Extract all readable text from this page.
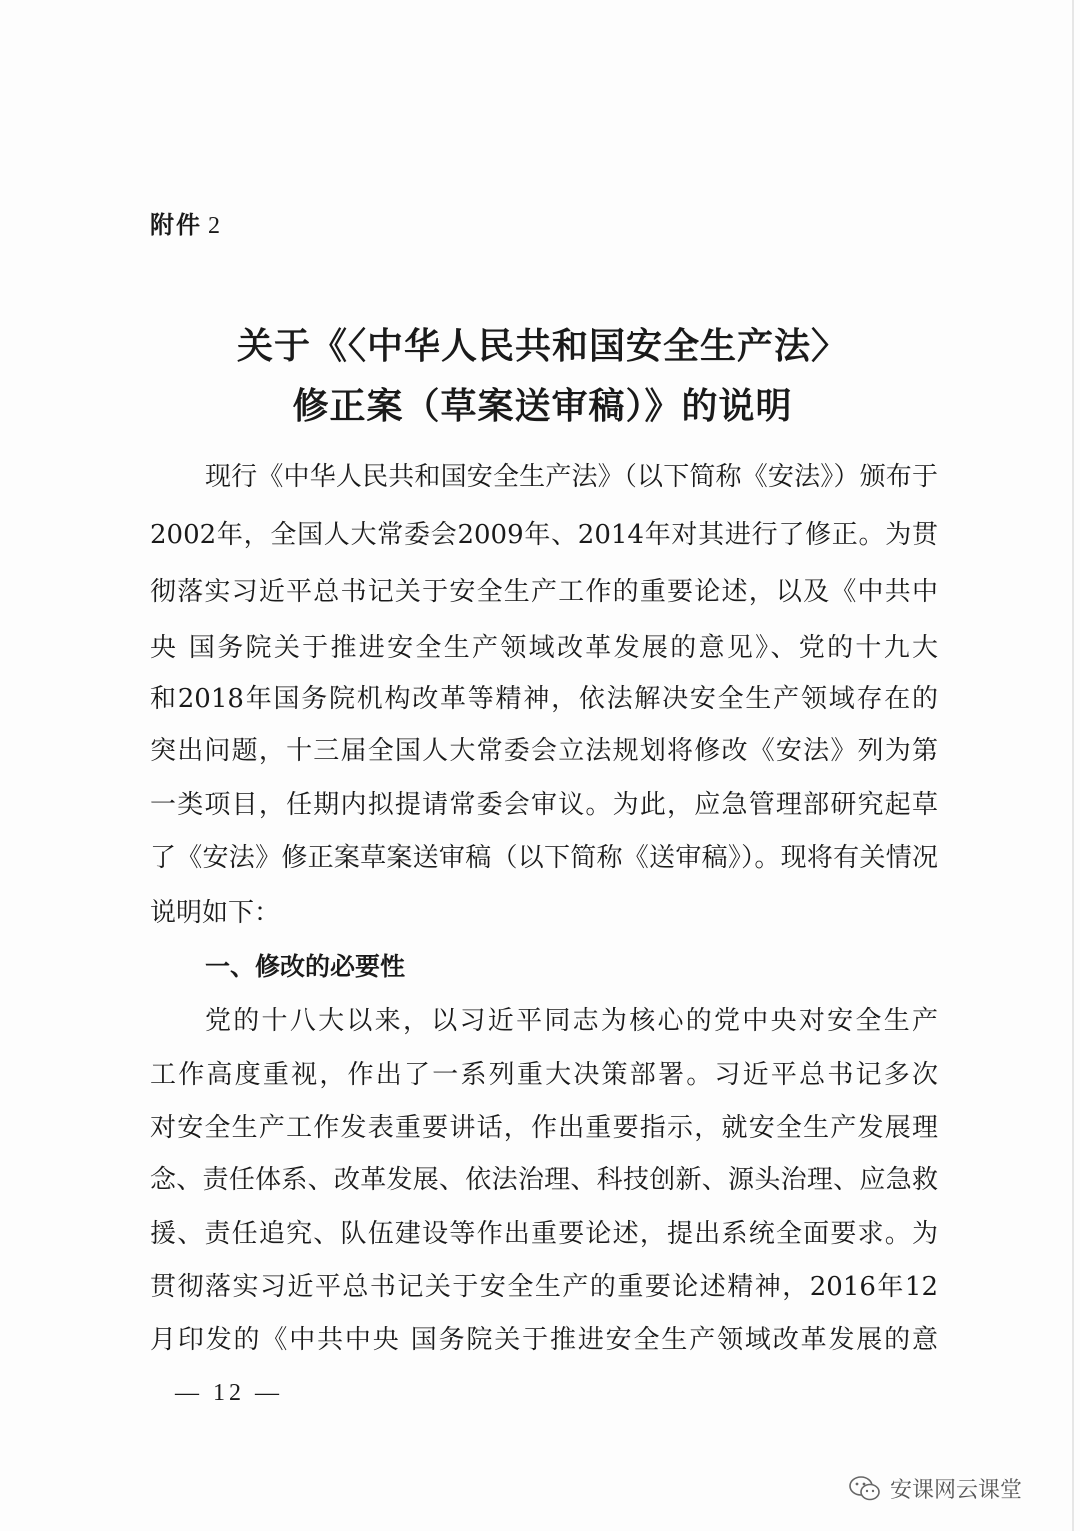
附件 2
关于《〈中华人民共和国安全生产法〉
修正案（草案送审稿）》的说明
现行《中华人民共和国安全生产法》（以下简称《安法》）颁布于
2002年，全国人大常委会2009年、2014年对其进行了修正。为贯
彻落实习近平总书记关于安全生产工作的重要论述，以及《中共中
央 国务院关于推进安全生产领域改革发展的意见》、党的十九大
和2018年国务院机构改革等精神，依法解决安全生产领域存在的
突出问题，十三届全国人大常委会立法规划将修改《安法》列为第
一类项目，任期内拟提请常委会审议。为此，应急管理部研究起草
了《安法》修正案草案送审稿（以下简称《送审稿》）。现将有关情况
说明如下：
一、修改的必要性
党的十八大以来，以习近平同志为核心的党中央对安全生产
工作高度重视，作出了一系列重大决策部署。习近平总书记多次
对安全生产工作发表重要讲话，作出重要指示，就安全生产发展理
念、责任体系、改革发展、依法治理、科技创新、源头治理、应急救
援、责任追究、队伍建设等作出重要论述，提出系统全面要求。为
贯彻落实习近平总书记关于安全生产的重要论述精神，2016年12
月印发的《中共中央 国务院关于推进安全生产领域改革发展的意
— 12 —
安课网云课堂
